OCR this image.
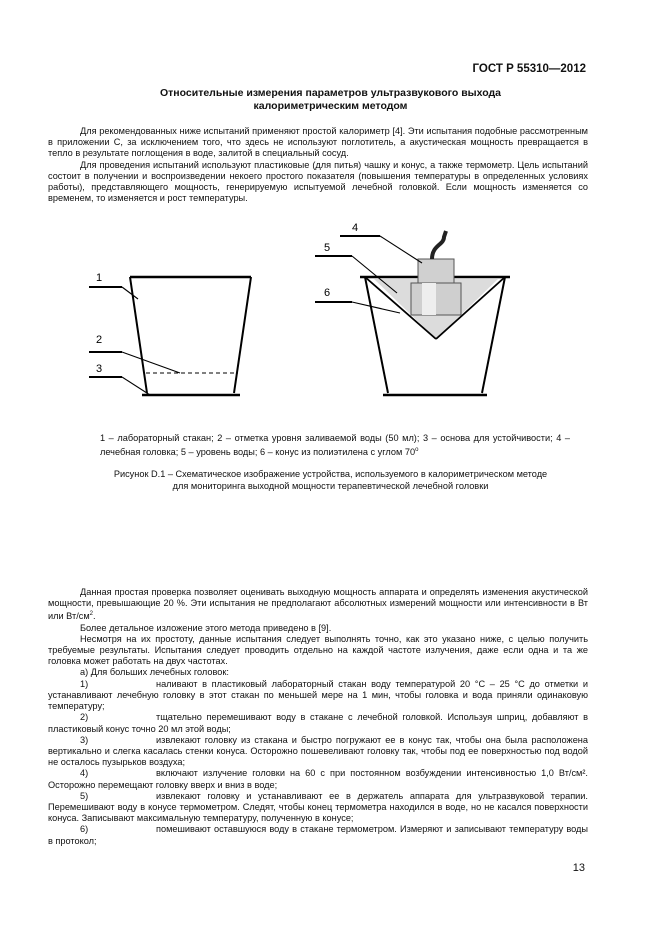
ГОСТ Р 55310—2012
Относительные измерения параметров ультразвукового выхода
калориметрическим методом

Для рекомендованных ниже испытаний применяют простой калориметр [4]. Эти испытания подобные рассмотренным в приложении С, за исключением того, что здесь не используют поглотитель, а акустическая мощность превращается в тепло в результате поглощения в воде, залитой в специальный сосуд.

Для проведения испытаний используют пластиковые (для питья) чашку и конус, а также термометр. Цель испытаний состоит в получении и воспроизведении некоего простого показателя (повышения температуры в определенных условиях работы), представляющего мощность, генерируемую испытуемой лечебной головкой. Если мощность изменяется со временем, то изменяется и рост температуры.

1
2
3
4
5
6
1 – лабораторный стакан; 2 – отметка уровня заливаемой воды (50 мл); 3 – основа для устойчивости; 4 – лечебная головка; 5 – уровень воды; 6 – конус из полиэтилена с углом $70^о$
Рисунок D.1 – Схематическое изображение устройства, используемого в калориметрическом методе
для мониторинга выходной мощности терапевтической лечебной головки

Данная простая проверка позволяет оценивать выходную мощность аппарата и определять изменения акустической мощности, превышающие 20 %. Эти испытания не предполагают абсолютных измерений мощности или интенсивности в Вт или $Вт/см^2$.

Более детальное изложение этого метода приведено в [9].

Несмотря на их простоту, данные испытания следует выполнять точно, как это указано ниже, с целью получить требуемые результаты. Испытания следует проводить отдельно на каждой частоте излучения, даже если одна и та же головка может работать на двух частотах.

а) Для больших лечебных головок:

1)	наливают в пластиковый лабораторный стакан воду температурой 20 °С – 25 °С до отметки и устанавливают лечебную головку в этот стакан по меньшей мере на 1 мин, чтобы головка и вода приняли одинаковую температуру;

2)	тщательно перемешивают воду в стакане с лечебной головкой. Используя шприц, добавляют в пластиковый конус точно 20 мл этой воды;

3)	извлекают головку из стакана и быстро погружают ее в конус так, чтобы она была расположена вертикально и слегка касалась стенки конуса. Осторожно пошевеливают головку так, чтобы под ее поверхностью под водой не осталось пузырьков воздуха;

4)	включают излучение головки на 60 с при постоянном возбуждении интенсивностью 1,0 Вт/см². Осторожно перемещают головку вверх и вниз в воде;

5)	извлекают головку и устанавливают ее в держатель аппарата для ультразвуковой терапии. Перемешивают воду в конусе термометром. Следят, чтобы конец термометра находился в воде, но не касался поверхности конуса. Записывают максимальную температуру, полученную в конусе;

6)	помешивают оставшуюся воду в стакане термометром. Измеряют и записывают температуру воды в протокол;

13
